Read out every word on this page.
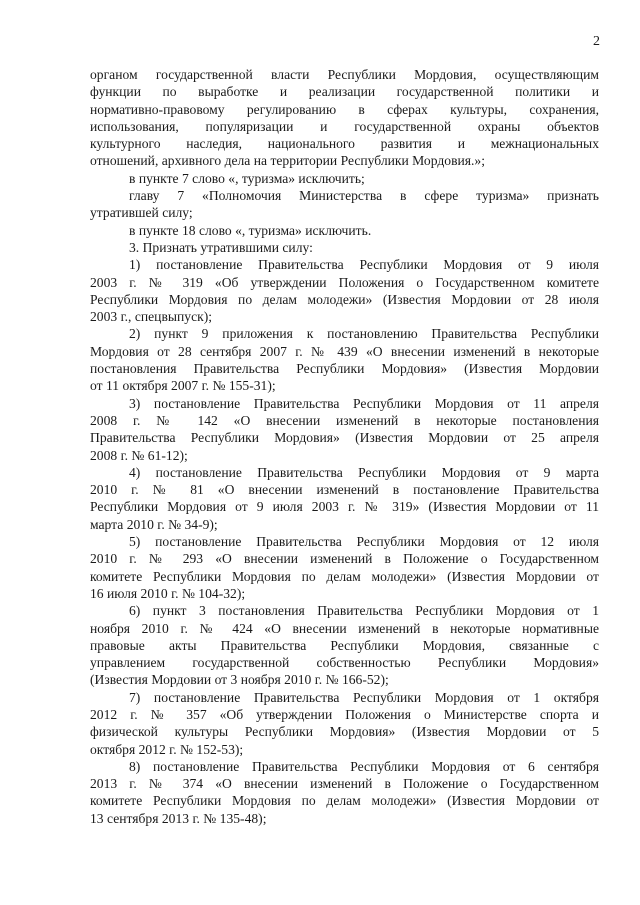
2

органом государственной власти Республики Мордовия, осуществляющим

функции по выработке и реализации государственной политики и

нормативно-правовому регулированию в сферах культуры, сохранения,

использования, популяризации и государственной охраны объектов

культурного наследия, национального развития и межнациональных

отношений, архивного дела на территории Республики Мордовия.»;

в пункте 7 слово «, туризма» исключить;

главу 7 «Полномочия Министерства в сфере туризма» признать

утратившей силу;

в пункте 18 слово «, туризма» исключить.

3. Признать утратившими силу:

1) постановление Правительства Республики Мордовия от 9 июля

2003 г. № 319 «Об утверждении Положения о Государственном комитете

Республики Мордовия по делам молодежи» (Известия Мордовии от 28 июля

2003 г., спецвыпуск);

2) пункт 9 приложения к постановлению Правительства Республики

Мордовия от 28 сентября 2007 г. № 439 «О внесении изменений в некоторые

постановления Правительства Республики Мордовия» (Известия Мордовии

от 11 октября 2007 г. № 155-31);

3) постановление Правительства Республики Мордовия от 11 апреля

2008 г. № 142 «О внесении изменений в некоторые постановления

Правительства Республики Мордовия» (Известия Мордовии от 25 апреля

2008 г. № 61-12);

4) постановление Правительства Республики Мордовия от 9 марта

2010 г. № 81 «О внесении изменений в постановление Правительства

Республики Мордовия от 9 июля 2003 г. № 319» (Известия Мордовии от 11

марта 2010 г. № 34-9);

5) постановление Правительства Республики Мордовия от 12 июля

2010 г. № 293 «О внесении изменений в Положение о Государственном

комитете Республики Мордовия по делам молодежи» (Известия Мордовии от

16 июля 2010 г. № 104-32);

6) пункт 3 постановления Правительства Республики Мордовия от 1

ноября 2010 г. № 424 «О внесении изменений в некоторые нормативные

правовые акты Правительства Республики Мордовия, связанные с

управлением государственной собственностью Республики Мордовия»

(Известия Мордовии от 3 ноября 2010 г. № 166-52);

7) постановление Правительства Республики Мордовия от 1 октября

2012 г. № 357 «Об утверждении Положения о Министерстве спорта и

физической культуры Республики Мордовия» (Известия Мордовии от 5

октября 2012 г. № 152-53);

8) постановление Правительства Республики Мордовия от 6 сентября

2013 г. № 374 «О внесении изменений в Положение о Государственном

комитете Республики Мордовия по делам молодежи» (Известия Мордовии от

13 сентября 2013 г. № 135-48);
